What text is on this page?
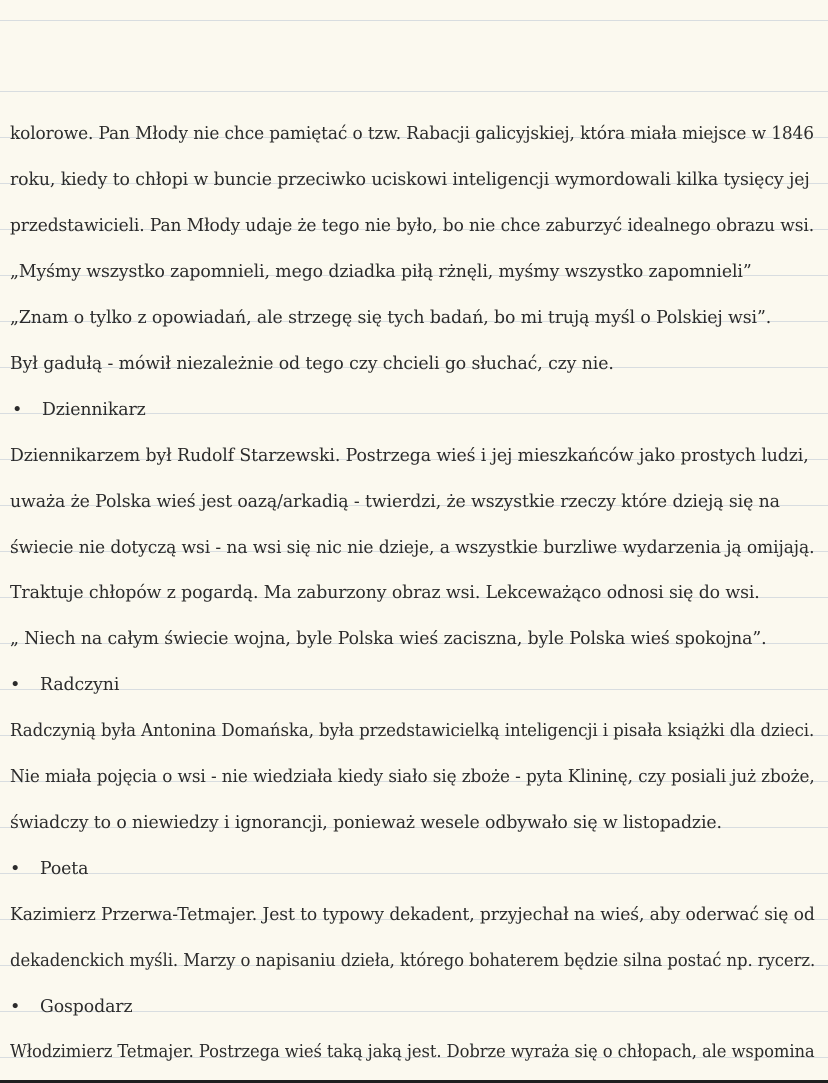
kolorowe. Pan Młody nie chce pamiętać o tzw. Rabacji galicyjskiej, która miała miejsce w 1846
roku, kiedy to chłopi w buncie przeciwko uciskowi inteligencji wymordowali kilka tysięcy jej
przedstawicieli. Pan Młody udaje że tego nie było, bo nie chce zaburzyć idealnego obrazu wsi.
„Myśmy wszystko zapomnieli, mego dziadka piłą rżnęli, myśmy wszystko zapomnieli”
„Znam o tylko z opowiadań, ale strzegę się tych badań, bo mi trują myśl o Polskiej wsi”.
Był gadułą - mówił niezależnie od tego czy chcieli go słuchać, czy nie.
•	Dziennikarz
Dziennikarzem był Rudolf Starzewski. Postrzega wieś i jej mieszkańców jako prostych ludzi,
uważa że Polska wieś jest oazą/arkadią - twierdzi, że wszystkie rzeczy które dzieją się na
świecie nie dotyczą wsi - na wsi się nic nie dzieje, a wszystkie burzliwe wydarzenia ją omijają.
Traktuje chłopów z pogardą. Ma zaburzony obraz wsi. Lekceważąco odnosi się do wsi.
„ Niech na całym świecie wojna, byle Polska wieś zaciszna, byle Polska wieś spokojna”.
•	Radczyni
Radczynią była Antonina Domańska, była przedstawicielką inteligencji i pisała książki dla dzieci.
Nie miała pojęcia o wsi - nie wiedziała kiedy siało się zboże - pyta Klininę, czy posiali już zboże,
świadczy to o niewiedzy i ignorancji, ponieważ wesele odbywało się w listopadzie.
•	Poeta
Kazimierz Przerwa-Tetmajer. Jest to typowy dekadent, przyjechał na wieś, aby oderwać się od
dekadenckich myśli. Marzy o napisaniu dzieła, którego bohaterem będzie silna postać np. rycerz.
•	Gospodarz
Włodzimierz Tetmajer. Postrzega wieś taką jaką jest. Dobrze wyraża się o chłopach, ale wspomina
